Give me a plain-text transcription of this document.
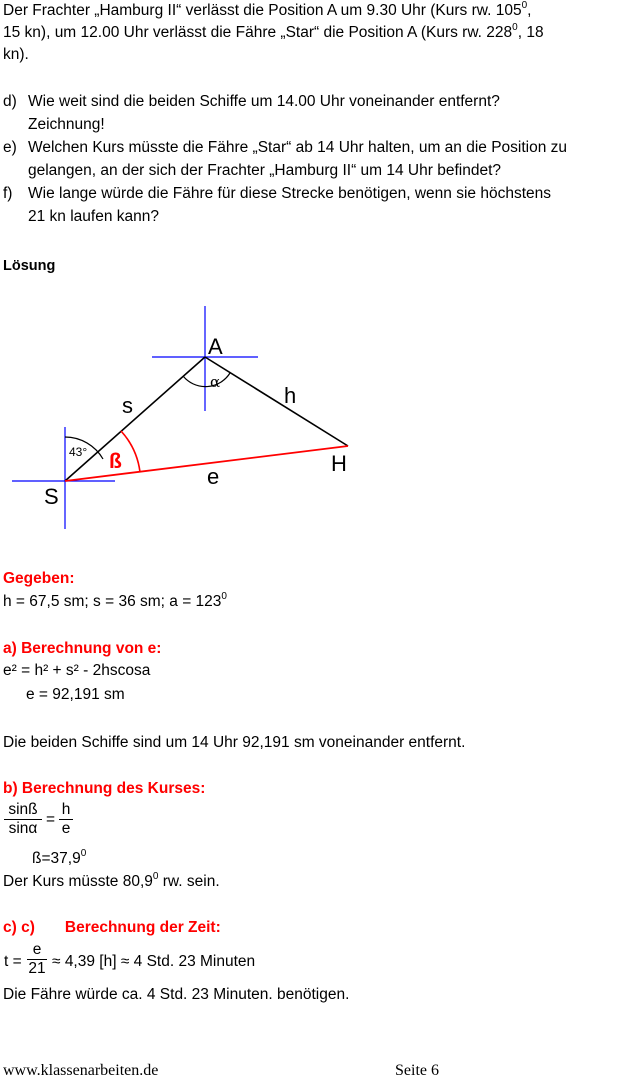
Der Frachter „Hamburg II“ verlässt die Position A um 9.30 Uhr (Kurs rw. $105^0$,
15 kn), um 12.00 Uhr verlässt die Fähre „Star“ die Position A (Kurs rw. $228^0$, 18
kn).
d) Wie weit sind die beiden Schiffe um 14.00 Uhr voneinander entfernt?
Zeichnung!
e) Welchen Kurs müsste die Fähre „Star“ ab 14 Uhr halten, um an die Position zu
gelangen, an der sich der Frachter „Hamburg II“ um 14 Uhr befindet?
f) Wie lange würde die Fähre für diese Strecke benötigen, wenn sie höchstens
21 kn laufen kann?
Lösung
A
α
s	h
43° ß	H
e
S
Gegeben:
h = 67,5 sm; s = 36 sm; $a = 123^0$
a) Berechnung von e:
e² = h² + s² - 2hscosa
e = 92,191 sm
Die beiden Schiffe sind um 14 Uhr 92,191 sm voneinander entfernt.
b) Berechnung des Kurses:
$\frac{\sin ß}{\sin\alpha} = \frac{h}{e}$
$ß=37,9^0$
Der Kurs müsste 80,9$^0$ rw. sein.
c) c) Berechnung der Zeit:
$t = \frac{e}{21} \approx 4,39$ [h] ≈ 4 Std. 23 Minuten
Die Fähre würde ca. 4 Std. 23 Minuten. benötigen.
www.klassenarbeiten.de	Seite 6
